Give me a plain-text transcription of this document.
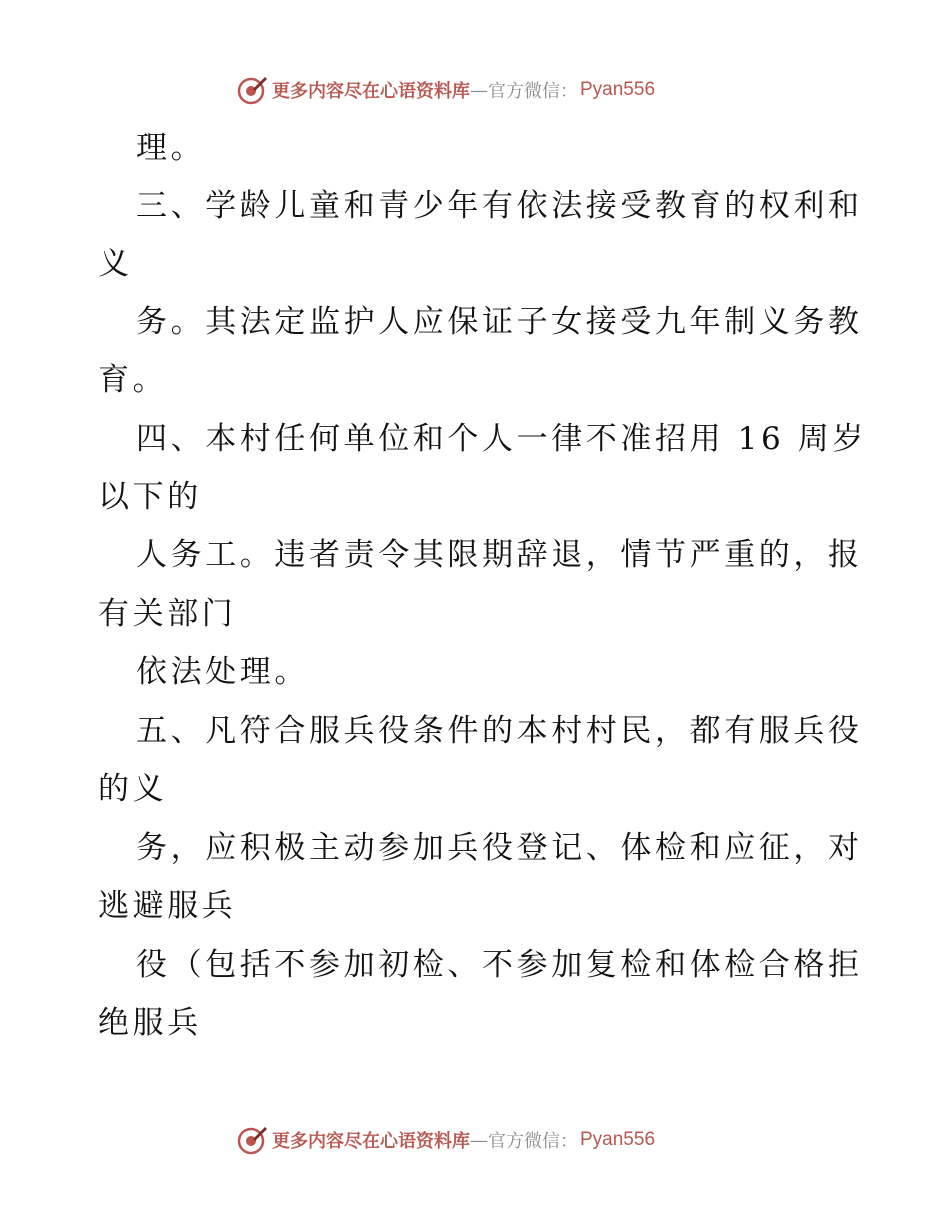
更多内容尽在心语资料库 — 官方微信： Pyan556
理。
三、学龄儿童和青少年有依法接受教育的权利和
义
务。其法定监护人应保证子女接受九年制义务教
育。
四、本村任何单位和个人一律不准招用 16 周岁
以下的
人务工。违者责令其限期辞退，情节严重的，报
有关部门
依法处理。
五、凡符合服兵役条件的本村村民，都有服兵役
的义
务，应积极主动参加兵役登记、体检和应征，对
逃避服兵
役（包括不参加初检、不参加复检和体检合格拒
绝服兵
更多内容尽在心语资料库 — 官方微信： Pyan556
